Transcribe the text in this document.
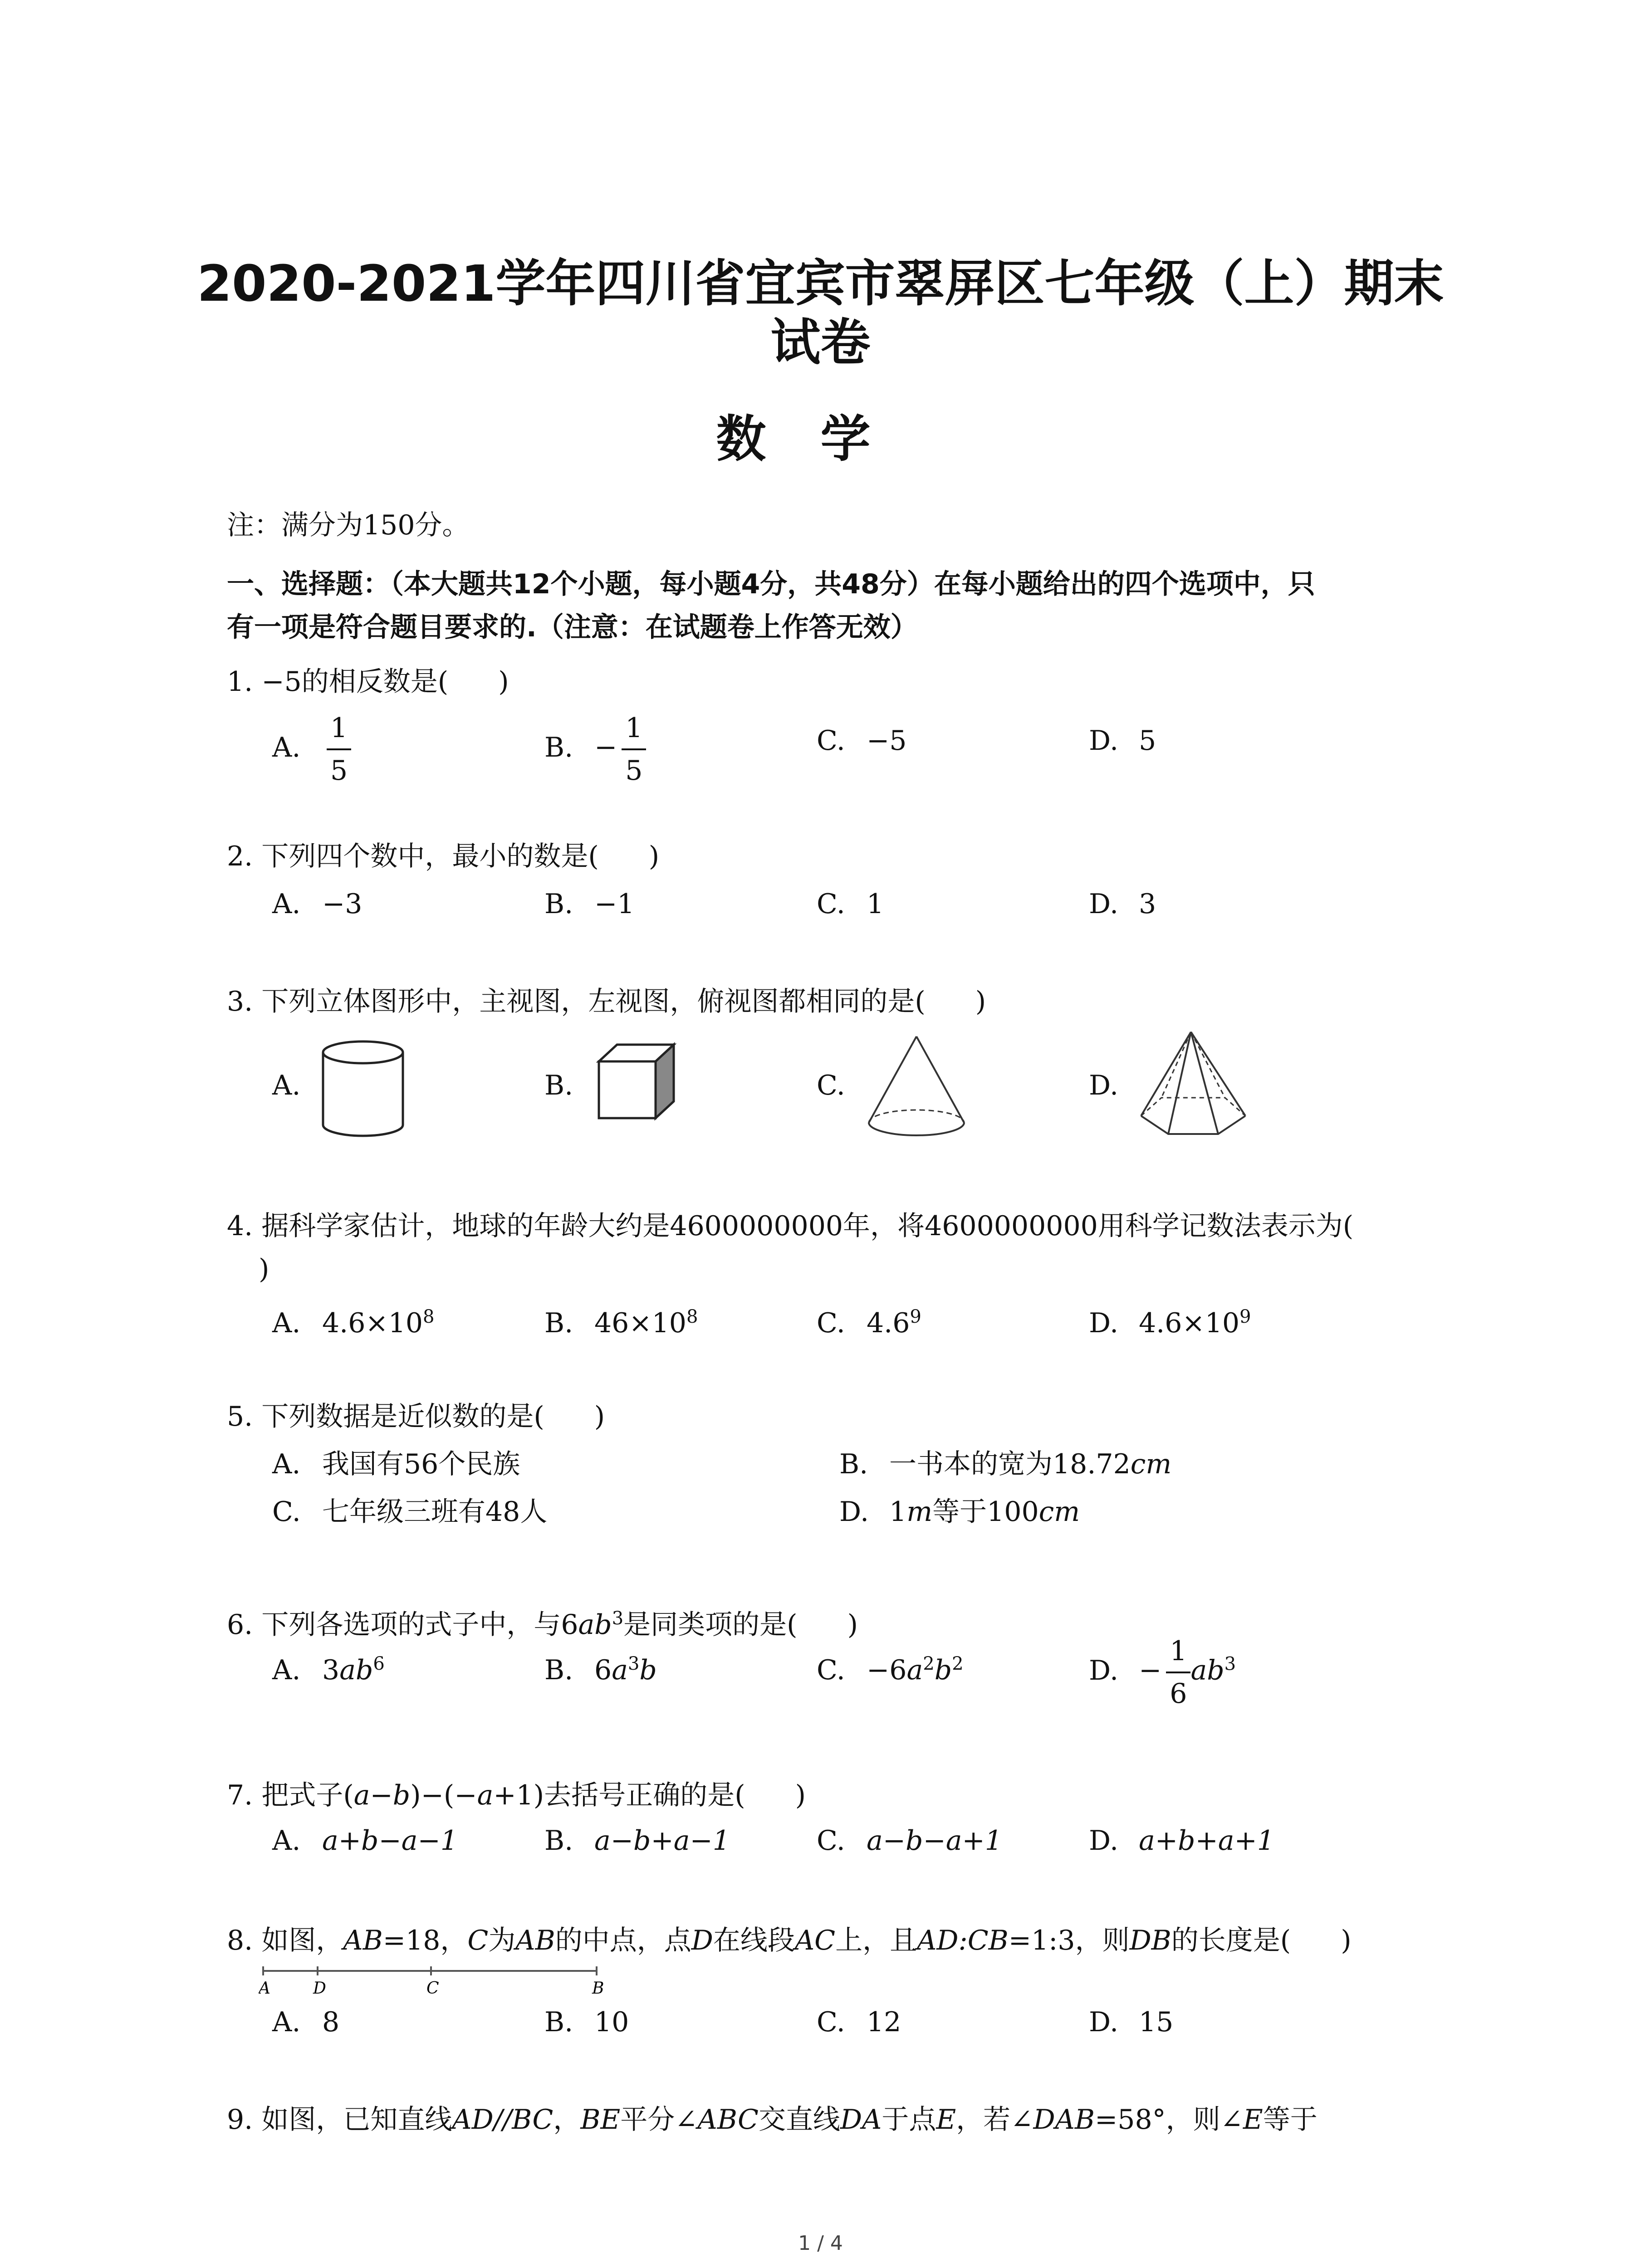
2020-2021学年四川省宜宾市翠屏区七年级（上）期末
试卷
数学
注：满分为150分。
一、选择题：（本大题共12个小题，每小题4分，共48分）在每小题给出的四个选项中，只
有一项是符合题目要求的.（注意：在试题卷上作答无效）
1. −5的相反数是( )
A. $\frac{1}{5}$	B. − $\frac{1}{5}$	C. −5	D. 5
2. 下列四个数中，最小的数是( )
A. −3	B. −1	C. 1	D. 3
3. 下列立体图形中，主视图，左视图，俯视图都相同的是( )
A.	B.	C.	D.
4. 据科学家估计，地球的年龄大约是4600000000年，将4600000000用科学记数法表示为(
)
A. $4.6\times 10^8$	B. $46\times 10^8$	C. $4.6^9$	D. $4.6\times 10^9$
5. 下列数据是近似数的是( )
A. 我国有56个民族	B. 一书本的宽为18.72cm
C. 七年级三班有48人	D. 1m等于100cm
6. 下列各选项的式子中，与$6ab^3$是同类项的是( )
A. $3ab^6$	B. $6a^3b$	C. $-6a^2b^2$	D. − $\frac{1}{6} ab^3$
7. 把式子(a−b)−(−a+1)去括号正确的是( )
A. a+b−a−1	B. a−b+a−1	C. a−b−a+1	D. a+b+a+1
8. 如图，AB=18，C为AB的中点，点D在线段AC上，且AD:CB=1:3，则DB的长度是( )
A	D	C	B
A. 8	B. 10	C. 12	D. 15
9. 如图，已知直线AD//BC，BE平分∠ABC交直线DA于点E，若∠DAB=58°，则∠E等于
1 / 4
